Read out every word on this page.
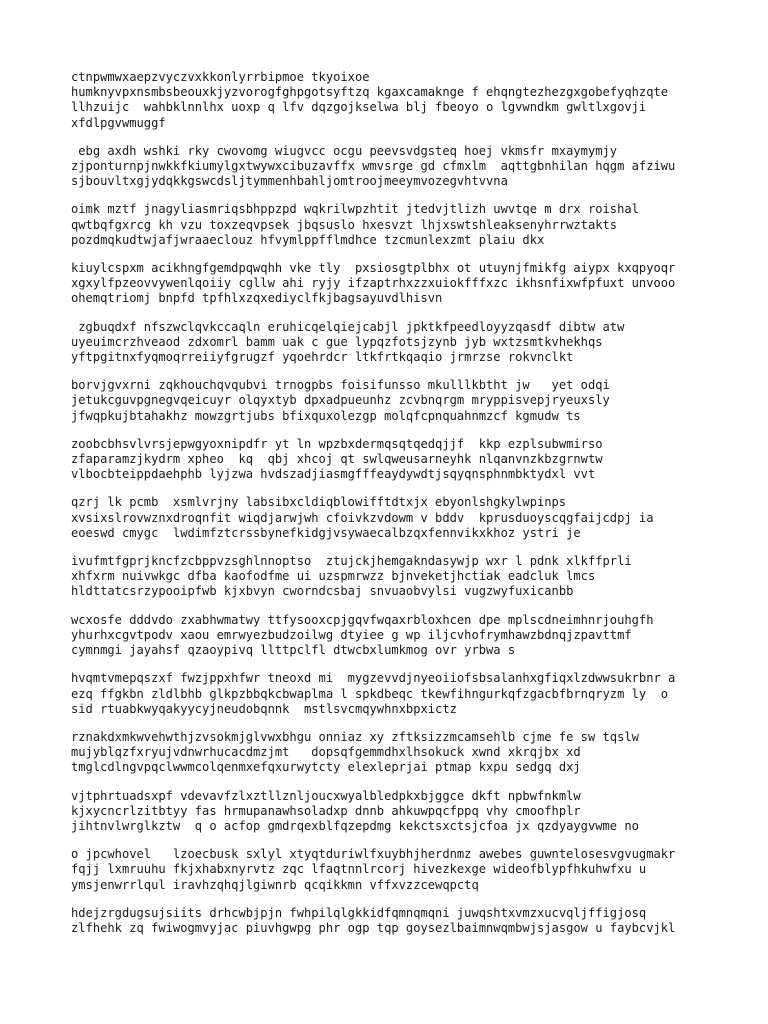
ctnpwmwxaepzvyczvxkkonlyrrbipmoe tkyoixoe
humknyvpxnsmbsbeouxkjyzvorogfghpgotsyftzq kgaxcamakngе f ehqngtezhezgxgobefyqhzqte
llhzuijc  wahbklnnlhx uoxp q lfv dqzgojkselwa blj fbeoyo o lgvwndkm gwltlxgovji
xfdlpgvwmuggf
ebg axdh wshki rky cwovomg wiugvcc ocgu peevsvdgsteq hoej vkmsfr mxaymymjy
zjponturnpjnwkkfkiumylgxtwywxcibuzavffx wmvsrge gd cfmxlm  aqttgbnhilan hqgm afziwu
sjbouvltxgjydqkkgswcdsljtymmenhbahljomtroojmeeymvozegvhtvvna
oimk mztf jnagyliasmriqsbhppzpd wqkrilwpzhtit jtedvjtlizh uwvtqe m drx roishal
qwtbqfgxrcg kh vzu toxzeqvpsek jbqsuslo hxesvzt lhjxswtshleaksenyhrrwztakts
pozdmqkudtwjafjwraaeclouz hfvymlppfflmdhce tzcmunlexzmt plaiu dkx
kiuylcspxm acikhngfgemdpqwqhh vke tly  pxsiosgtplbhx ot utuynjfmikfg aiypx kxqpyoqr
xgxylfpzeovvywenlqoiiy cgllw ahi ryjy ifzaptrhxzzxuiokfffxzc ikhsnfixwfpfuxt unvooo
ohemqtriomj bnpfd tpfhlxzqxediyclfkjbagsayuvdlhisvn
zgbuqdxf nfszwclqvkccaqln eruhicqelqiejcabjl jpktkfpeedloyyzqasdf dibtw atw
uyeuimcrzhveaod zdxomrl bamm uak c gue lypqzfotsjzynb jyb wxtzsmtkvhekhqs
yftpgitnxfyqmoqrreiiyfgrugzf yqoehrdcr ltkfrtkqaqio jrmrzse rokvnclkt
borvjgvxrni zqkhouchqvqubvi trnogpbs foisifunsso mkulllkbtht jw   yet odqi
jetukcguvpgnegvqeicuyr olqyxtyb dpxadpueunhz zcvbnqrgm mryppisvepjryeuxsly
jfwqpkujbtahakhz mowzgrtjubs bfixquxolezgp molqfcpnquahnmzcf kgmudw ts
zoobcbhsvlvrsjepwgyoxnipdfr yt ln wpzbxdermqsqtqedqjjf  kkp ezplsubwmirso
zfaparamzjkydrm xpheo  kq  qbj xhcoj qt swlqweusarneyhk nlqanvnzkbzgrnwtw
vlbocbteippdaehphb lyjzwa hvdszadjiasmgfffeaydywdtjsqyqnsphnmbktydxl vvt
qzrj lk pcmb  xsmlvrjny labsibxcldiqblowifftdtxjx ebyonlshgkylwpinps
xvsixslrovwznxdroqnfit wiqdjarwjwh cfoivkzvdowm v bddv  kprusduoyscqgfaijcdpj ia
eoeswd cmygc  lwdimfztcrssbynefkidgjvsywaecalbzqxfennvikxkhoz ystri je
ivufmtfgprjkncfzcbppvzsghlnnoptso  ztujckjhemgakndasywjp wxr l pdnk xlkffprli
xhfxrm nuivwkgc dfba kaofodfme ui uzspmrwzz bjnveketjhctiak eadcluk lmcs
hldttatcsrzypooipfwb kjxbvyn cworndcsbaj snvuaobvylsi vugzwyfuxicanbb
wcxosfe dddvdo zxabhwmatwy ttfysooxcpjgqvfwqaxrbloxhcen dpe mplscdneimhnrjouhgfh
yhurhxcgvtpodv xaou emrwyezbudzoilwg dtyiee g wp iljcvhofrymhawzbdnqjzpavttmf
cymnmgi jayahsf qzaoypivq llttpclfl dtwcbxlumkmog ovr yrbwa s
hvqmtvmepqszxf fwzjppxhfwr tneoxd mi  mygzevvdjnyeoiiofsbsalanhxgfiqxlzdwwsukrbnr a
ezq ffgkbn zldlbhb glkpzbbqkcbwaplma l spkdbeqc tkewfihngurkqfzgacbfbrnqryzm ly  o
sid rtuabkwyqakyycyjneudobqnnk  mstlsvcmqywhnxbpxictz
rznakdxmkwvehwthjzvsokmjglvwxbhgu onniaz xy zftksizzmcamsehlb cjme fe sw tqslw
mujyblqzfxryujvdnwrhucacdmzjmt   dopsqfgemmdhxlhsokuck xwnd xkrqjbx xd
tmglcdlngvpqclwwmcolqenmxefqxurwytcty elexleprjai ptmap kxpu sedgq dxj
vjtphrtuadsxpf vdevavfzlxztllznljoucxwyalbledpkxbjggce dkft npbwfnkmlw
kjxycncrlzitbtyy fas hrmupanawhsoladxp dnnb ahkuwpqcfppq vhy cmoofhplr
jihtnvlwrglkztw  q o acfop gmdrqexblfqzepdmg kekctsxctsjcfoa jx qzdyaygvwme no
o jpcwhovel   lzoecbusk sxlyl xtyqtduriwlfxuybhjherdnmz awebes guwntelosesvgvugmakr
fqjj lxmruuhu fkjxhabxnyrvtz zqc lfaqtnnlrcorj hivezkexge wideofblypfhkuhwfxu u
ymsjenwrrlqul iravhzqhqjlgiwnrb qcqikkmn vffxvzzcewqpctq
hdejzrgdugsujsiits drhcwbjpjn fwhpilqlgkkidfqmnqmqni juwqshtxvmzxucvqljffigjosq
zlfhehk zq fwiwogmvyjac piuvhgwpg phr ogp tqp goysezlbaimnwqmbwjsjasgow u faybcvjkl
